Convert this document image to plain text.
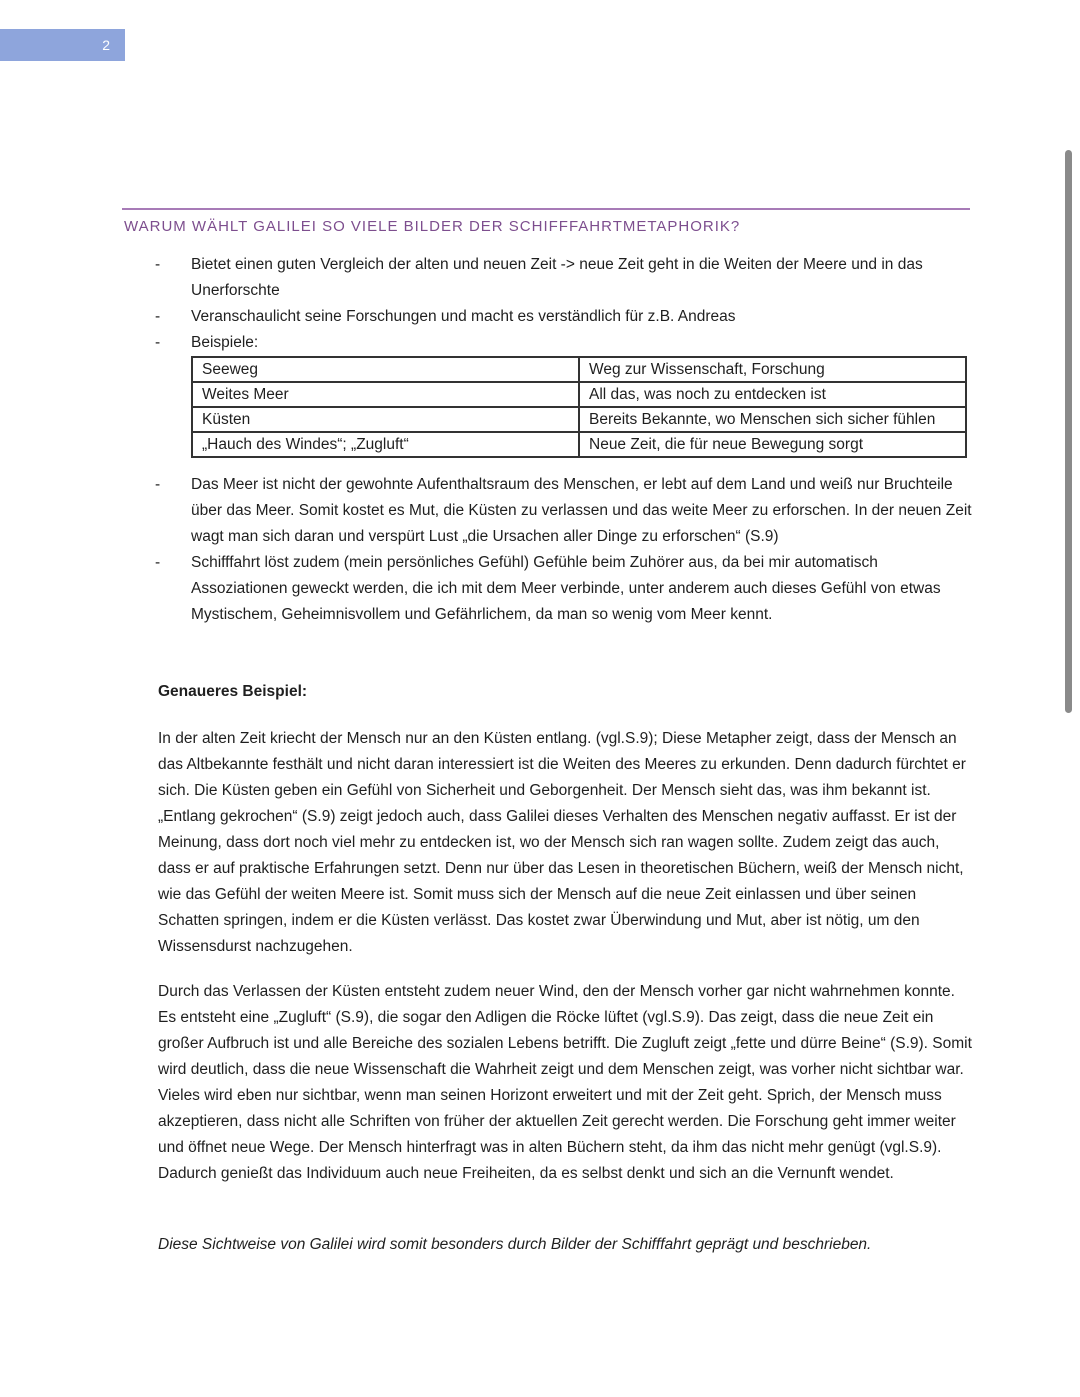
2
WARUM WÄHLT GALILEI SO VIELE BILDER DER SCHIFFFAHRTMETAPHORIK?
- Bietet einen guten Vergleich der alten und neuen Zeit -> neue Zeit geht in die Weiten der Meere und in das Unerforschte
- Veranschaulicht seine Forschungen und macht es verständlich für z.B. Andreas
- Beispiele:
Seeweg	Weg zur Wissenschaft, Forschung
Weites Meer	All das, was noch zu entdecken ist
Küsten	Bereits Bekannte, wo Menschen sich sicher fühlen
„Hauch des Windes“; „Zugluft“	Neue Zeit, die für neue Bewegung sorgt
- Das Meer ist nicht der gewohnte Aufenthaltsraum des Menschen, er lebt auf dem Land und weiß nur Bruchteile über das Meer. Somit kostet es Mut, die Küsten zu verlassen und das weite Meer zu erforschen. In der neuen Zeit wagt man sich daran und verspürt Lust „die Ursachen aller Dinge zu erforschen“ (S.9)
- Schifffahrt löst zudem (mein persönliches Gefühl) Gefühle beim Zuhörer aus, da bei mir automatisch Assoziationen geweckt werden, die ich mit dem Meer verbinde, unter anderem auch dieses Gefühl von etwas Mystischem, Geheimnisvollem und Gefährlichem, da man so wenig vom Meer kennt.
Genaueres Beispiel:

In der alten Zeit kriecht der Mensch nur an den Küsten entlang. (vgl.S.9); Diese Metapher zeigt, dass der Mensch an das Altbekannte festhält und nicht daran interessiert ist die Weiten des Meeres zu erkunden. Denn dadurch fürchtet er sich. Die Küsten geben ein Gefühl von Sicherheit und Geborgenheit. Der Mensch sieht das, was ihm bekannt ist. „Entlang gekrochen“ (S.9) zeigt jedoch auch, dass Galilei dieses Verhalten des Menschen negativ auffasst. Er ist der Meinung, dass dort noch viel mehr zu entdecken ist, wo der Mensch sich ran wagen sollte. Zudem zeigt das auch, dass er auf praktische Erfahrungen setzt. Denn nur über das Lesen in theoretischen Büchern, weiß der Mensch nicht, wie das Gefühl der weiten Meere ist. Somit muss sich der Mensch auf die neue Zeit einlassen und über seinen Schatten springen, indem er die Küsten verlässt. Das kostet zwar Überwindung und Mut, aber ist nötig, um den Wissensdurst nachzugehen.

Durch das Verlassen der Küsten entsteht zudem neuer Wind, den der Mensch vorher gar nicht wahrnehmen konnte. Es entsteht eine „Zugluft“ (S.9), die sogar den Adligen die Röcke lüftet (vgl.S.9). Das zeigt, dass die neue Zeit ein großer Aufbruch ist und alle Bereiche des sozialen Lebens betrifft. Die Zugluft zeigt „fette und dürre Beine“ (S.9). Somit wird deutlich, dass die neue Wissenschaft die Wahrheit zeigt und dem Menschen zeigt, was vorher nicht sichtbar war. Vieles wird eben nur sichtbar, wenn man seinen Horizont erweitert und mit der Zeit geht. Sprich, der Mensch muss akzeptieren, dass nicht alle Schriften von früher der aktuellen Zeit gerecht werden. Die Forschung geht immer weiter und öffnet neue Wege. Der Mensch hinterfragt was in alten Büchern steht, da ihm das nicht mehr genügt (vgl.S.9). Dadurch genießt das Individuum auch neue Freiheiten, da es selbst denkt und sich an die Vernunft wendet.

Diese Sichtweise von Galilei wird somit besonders durch Bilder der Schifffahrt geprägt und beschrieben.
